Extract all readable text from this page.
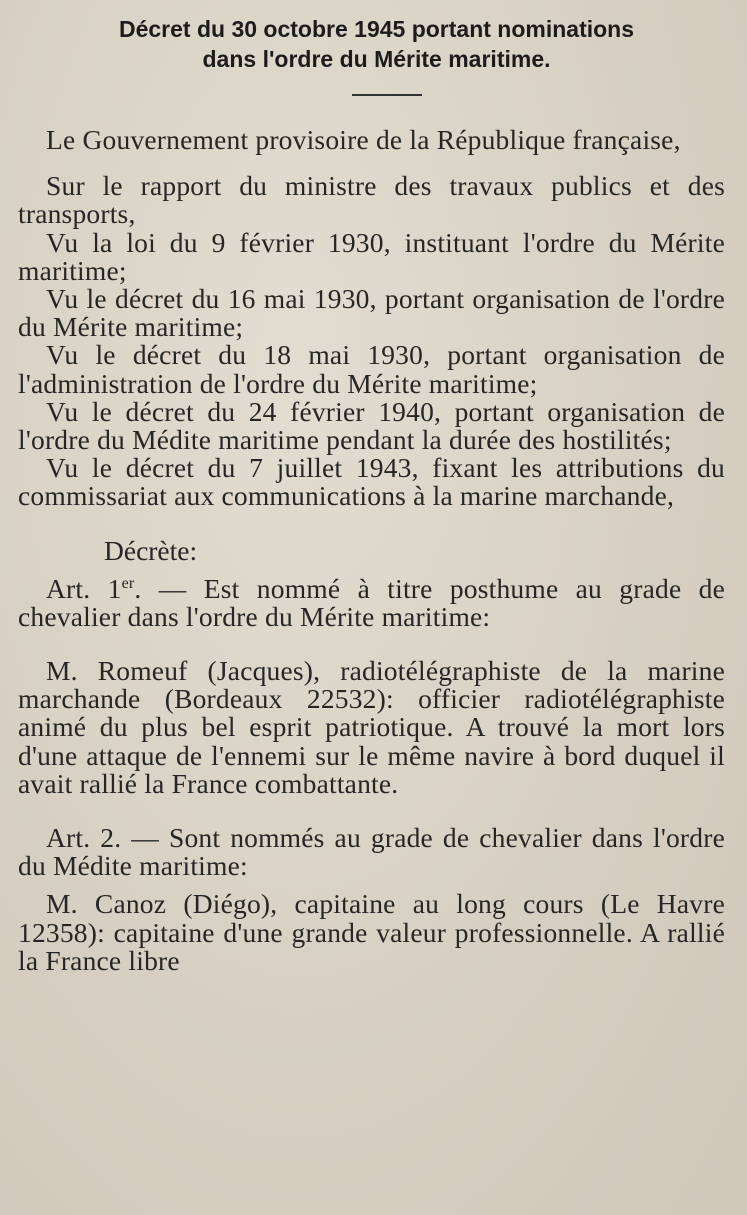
Décret du 30 octobre 1945 portant nominations
dans l'ordre du Mérite maritime.

Le Gouvernement provisoire de la République française,

Sur le rapport du ministre des travaux publics et des transports,

Vu la loi du 9 février 1930, instituant l'ordre du Mérite maritime;

Vu le décret du 16 mai 1930, portant organisation de l'ordre du Mérite maritime;

Vu le décret du 18 mai 1930, portant organisation de l'administration de l'ordre du Mérite maritime;

Vu le décret du 24 février 1940, portant organisation de l'ordre du Médite maritime pendant la durée des hostilités;

Vu le décret du 7 juillet 1943, fixant les attributions du commissariat aux communications à la marine marchande,

Décrète:

Art. 1er. — Est nommé à titre posthume au grade de chevalier dans l'ordre du Mérite maritime:

M. Romeuf (Jacques), radiotélégraphiste de la marine marchande (Bordeaux 22532): officier radiotélégraphiste animé du plus bel esprit patriotique. A trouvé la mort lors d'une attaque de l'ennemi sur le même navire à bord duquel il avait rallié la France combattante.

Art. 2. — Sont nommés au grade de chevalier dans l'ordre du Médite maritime:

M. Canoz (Diégo), capitaine au long cours (Le Havre 12358): capitaine d'une grande valeur professionnelle. A rallié la France libre
